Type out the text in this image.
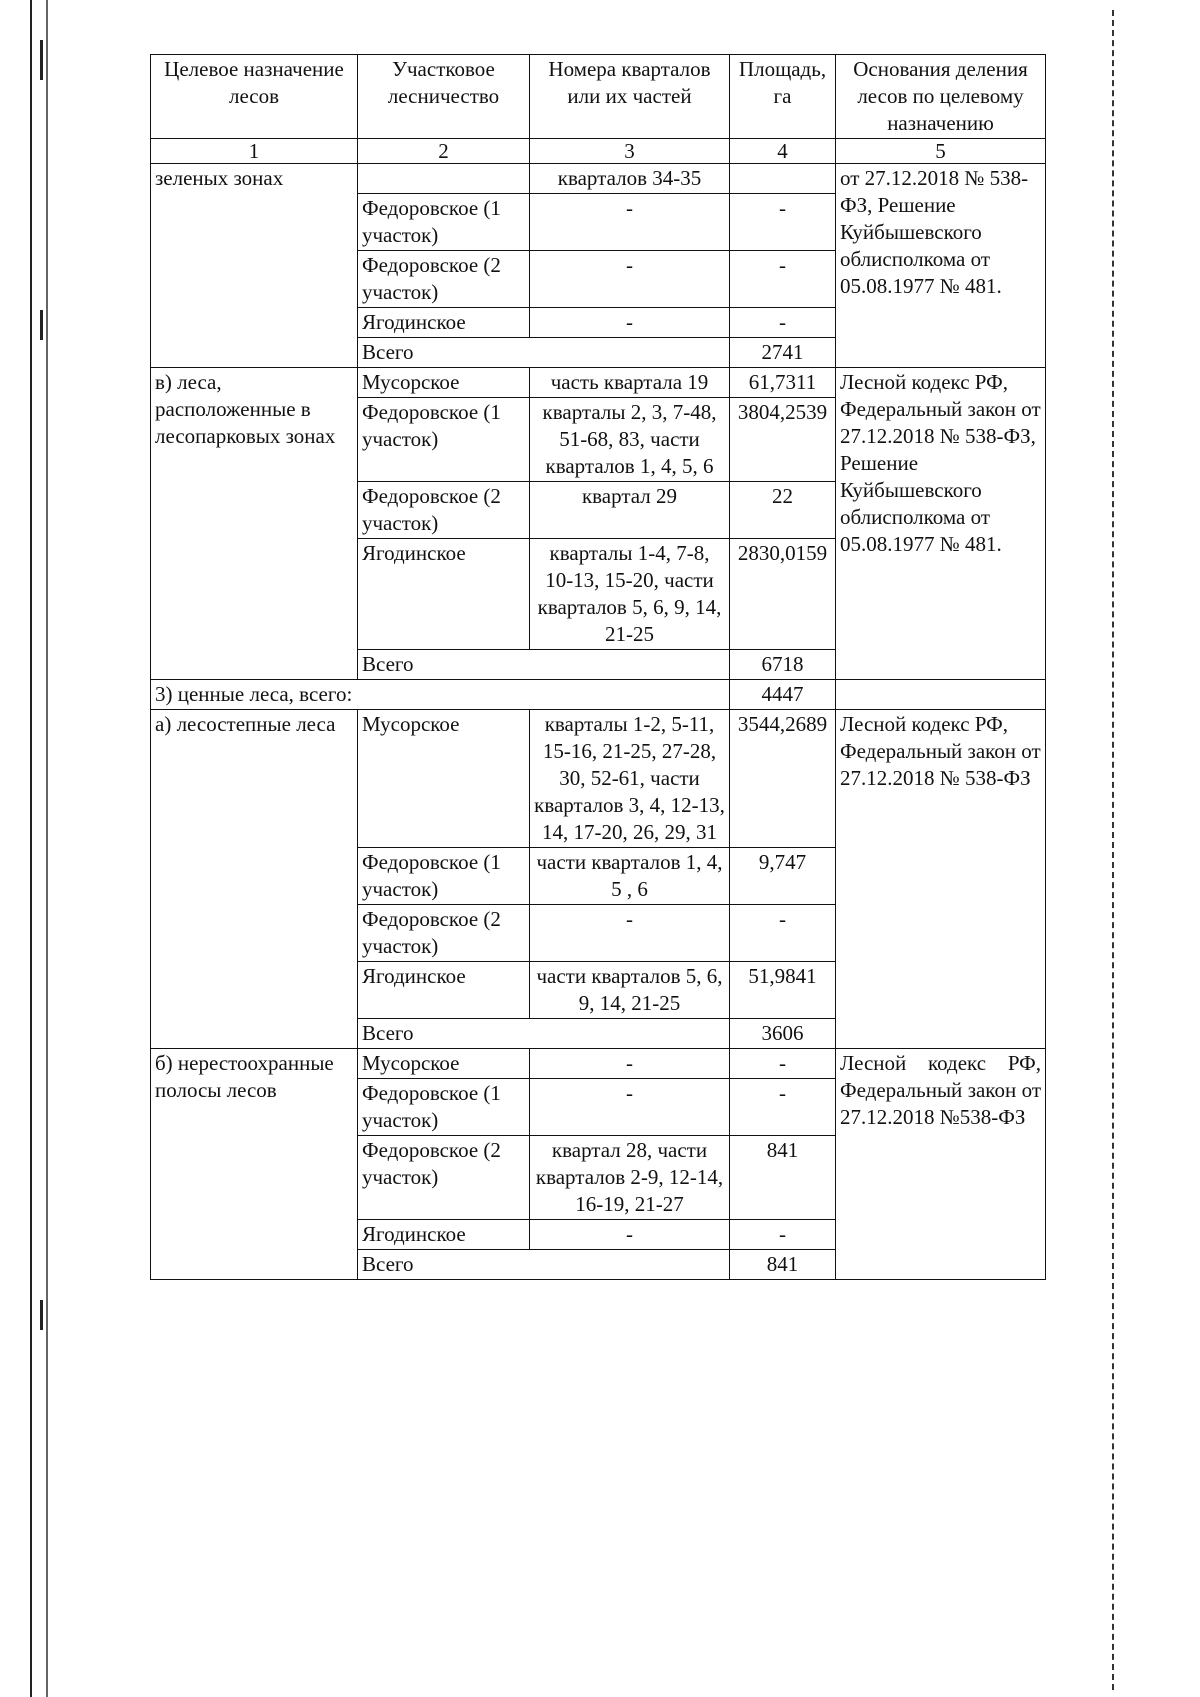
Целевое назначение лесов	Участковое лесничество	Номера кварталов или их частей	Площадь, га	Основания деления лесов по целевому назначению
1	2	3	4	5
зеленых зонах		кварталов 34-35		от 27.12.2018 № 538-ФЗ, Решение Куйбышевского облисполкома от 05.08.1977 № 481.
	Федоровское (1 участок)	-	-	
	Федоровское (2 участок)	-	-	
	Ягодинское	-	-	
	Всего		2741	
в) леса, расположенные в лесопарковых зонах	Мусорское	часть квартала 19	61,7311	Лесной кодекс РФ, Федеральный закон от 27.12.2018 № 538-ФЗ, Решение Куйбышевского облисполкома от 05.08.1977 № 481.
	Федоровское (1 участок)	кварталы 2, 3, 7-48, 51-68, 83, части кварталов 1, 4, 5, 6	3804,2539	
	Федоровское (2 участок)	квартал 29	22	
	Ягодинское	кварталы 1-4, 7-8, 10-13, 15-20, части кварталов 5, 6, 9, 14, 21-25	2830,0159	
	Всего		6718	
3) ценные леса, всего:			4447	
а) лесостепные леса	Мусорское	кварталы 1-2, 5-11, 15-16, 21-25, 27-28, 30, 52-61, части кварталов 3, 4, 12-13, 14, 17-20, 26, 29, 31	3544,2689	Лесной кодекс РФ, Федеральный закон от 27.12.2018 № 538-ФЗ
	Федоровское (1 участок)	части кварталов 1, 4, 5 , 6	9,747	
	Федоровское (2 участок)	-	-	
	Ягодинское	части кварталов 5, 6, 9, 14, 21-25	51,9841	
	Всего		3606	
б) нерестоохранные полосы лесов	Мусорское	-	-	Лесной кодекс РФ, Федеральный закон от 27.12.2018 №538-ФЗ
	Федоровское (1 участок)	-	-	
	Федоровское (2 участок)	квартал 28, части кварталов 2-9, 12-14, 16-19, 21-27	841	
	Ягодинское	-	-	
	Всего		841	
